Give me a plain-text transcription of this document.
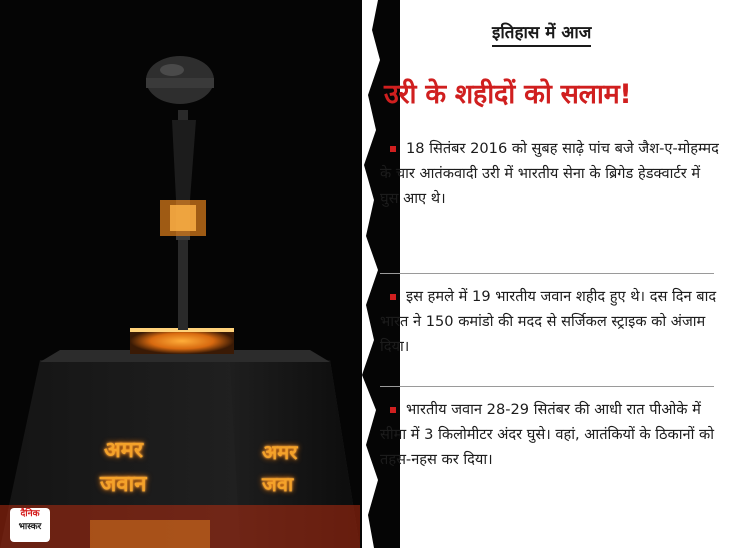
अमर
जवान
अमर
जवा
दैनिक
भास्कर
इतिहास में आज
उरी के शहीदों को सलाम!

18 सितंबर 2016 को सुबह साढ़े पांच बजे जैश-ए-मोहम्मद के चार आतंकवादी उरी में भारतीय सेना के ब्रिगेड हेडक्वार्टर में घुस आए थे।

इस हमले में 19 भारतीय जवान शहीद हुए थे। दस दिन बाद भारत ने 150 कमांडो की मदद से सर्जिकल स्ट्राइक को अंजाम दिया।

भारतीय जवान 28-29 सितंबर की आधी रात पीओके में सीमा में 3 किलोमीटर अंदर घुसे। वहां, आतंकियों के ठिकानों को तहस-नहस कर दिया।
